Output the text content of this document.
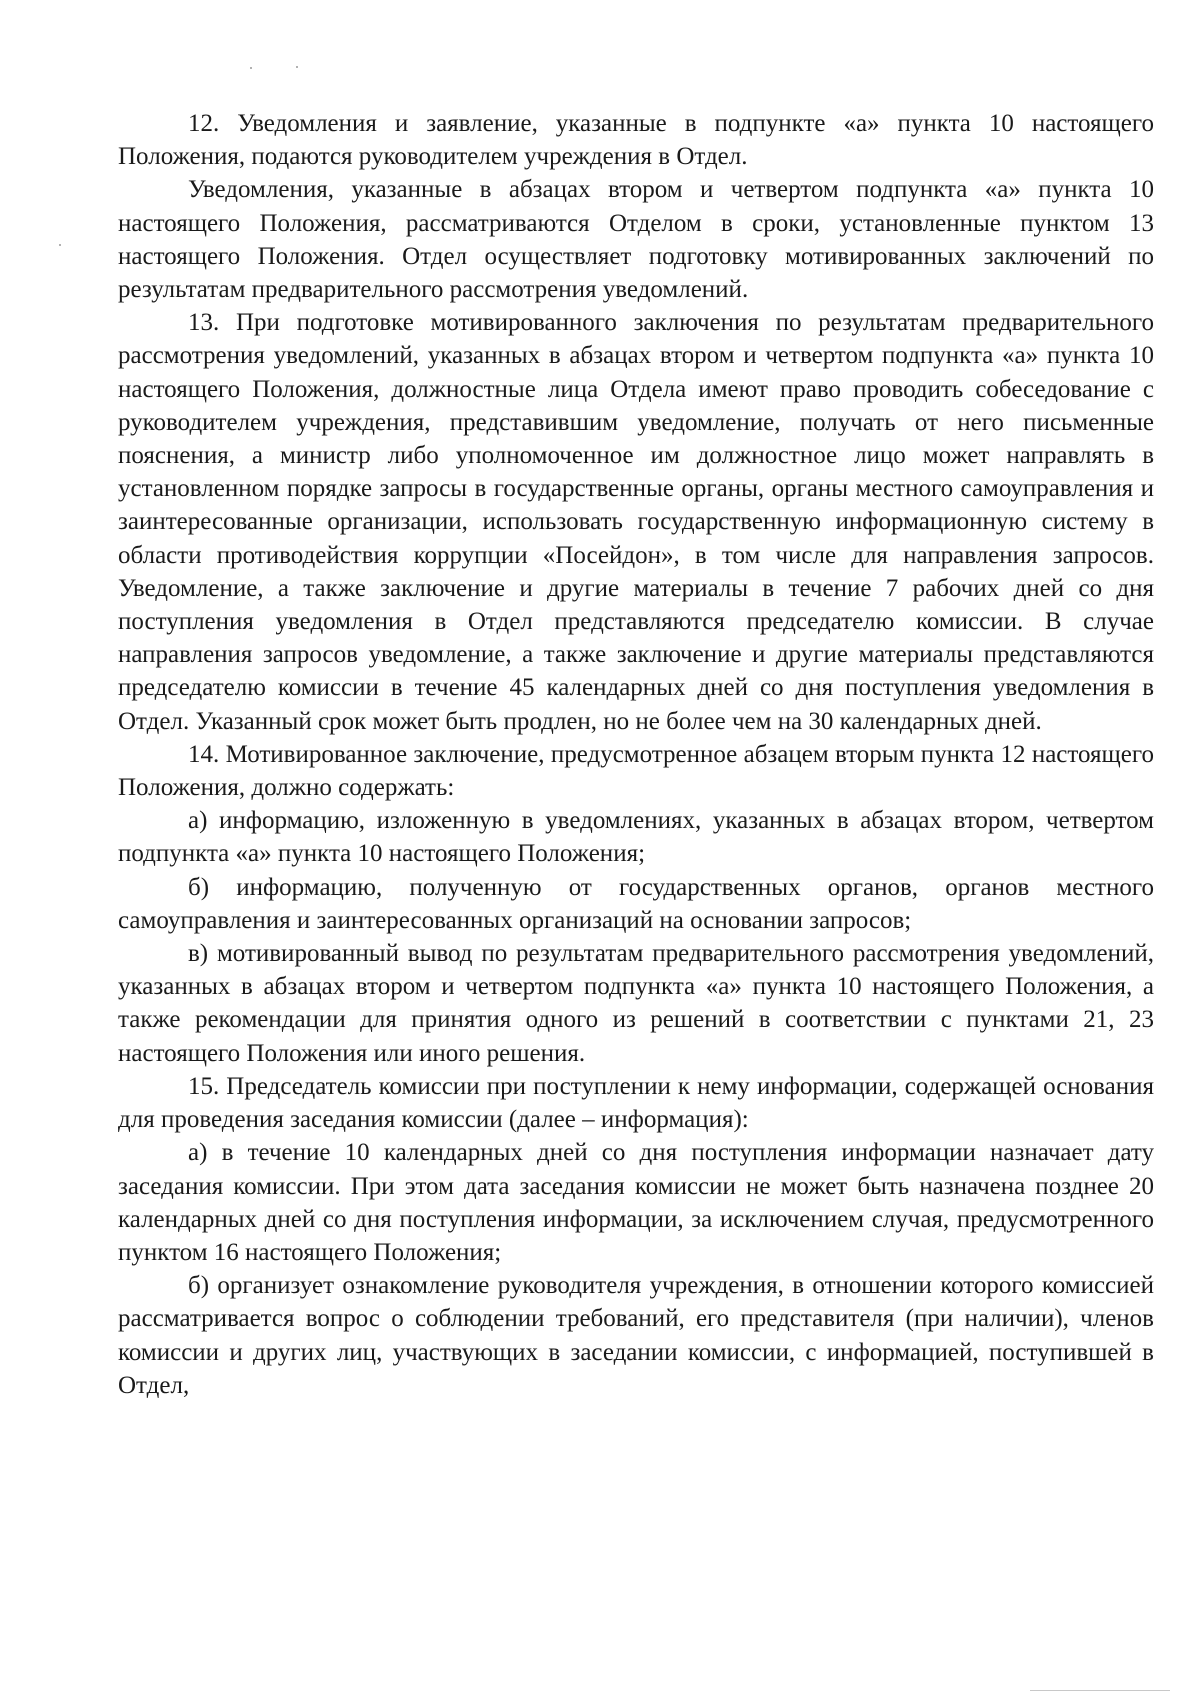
12. Уведомления и заявление, указанные в подпункте «а» пункта 10 настоящего Положения, подаются руководителем учреждения в Отдел.

Уведомления, указанные в абзацах втором и четвертом подпункта «а» пункта 10 настоящего Положения, рассматриваются Отделом в сроки, установленные пунктом 13 настоящего Положения. Отдел осуществляет подготовку мотивированных заключений по результатам предварительного рассмотрения уведомлений.

13. При подготовке мотивированного заключения по результатам предварительного рассмотрения уведомлений, указанных в абзацах втором и четвертом подпункта «а» пункта 10 настоящего Положения, должностные лица Отдела имеют право проводить собеседование с руководителем учреждения, представившим уведомление, получать от него письменные пояснения, а министр либо уполномоченное им должностное лицо может направлять в установленном порядке запросы в государственные органы, органы местного самоуправления и заинтересованные организации, использовать государственную информационную систему в области противодействия коррупции «Посейдон», в том числе для направления запросов. Уведомление, а также заключение и другие материалы в течение 7 рабочих дней со дня поступления уведомления в Отдел представляются председателю комиссии. В случае направления запросов уведомление, а также заключение и другие материалы представляются председателю комиссии в течение 45 календарных дней со дня поступления уведомления в Отдел. Указанный срок может быть продлен, но не более чем на 30 календарных дней.

14. Мотивированное заключение, предусмотренное абзацем вторым пункта 12 настоящего Положения, должно содержать:

а) информацию, изложенную в уведомлениях, указанных в абзацах втором, четвертом подпункта «а» пункта 10 настоящего Положения;

б) информацию, полученную от государственных органов, органов местного самоуправления и заинтересованных организаций на основании запросов;

в) мотивированный вывод по результатам предварительного рассмотрения уведомлений, указанных в абзацах втором и четвертом подпункта «а» пункта 10 настоящего Положения, а также рекомендации для принятия одного из решений в соответствии с пунктами 21, 23 настоящего Положения или иного решения.

15. Председатель комиссии при поступлении к нему информации, содержащей основания для проведения заседания комиссии (далее – информация):

а) в течение 10 календарных дней со дня поступления информации назначает дату заседания комиссии. При этом дата заседания комиссии не может быть назначена позднее 20 календарных дней со дня поступления информации, за исключением случая, предусмотренного пунктом 16 настоящего Положения;

б) организует ознакомление руководителя учреждения, в отношении которого комиссией рассматривается вопрос о соблюдении требований, его представителя (при наличии), членов комиссии и других лиц, участвующих в заседании комиссии, с информацией, поступившей в Отдел,
